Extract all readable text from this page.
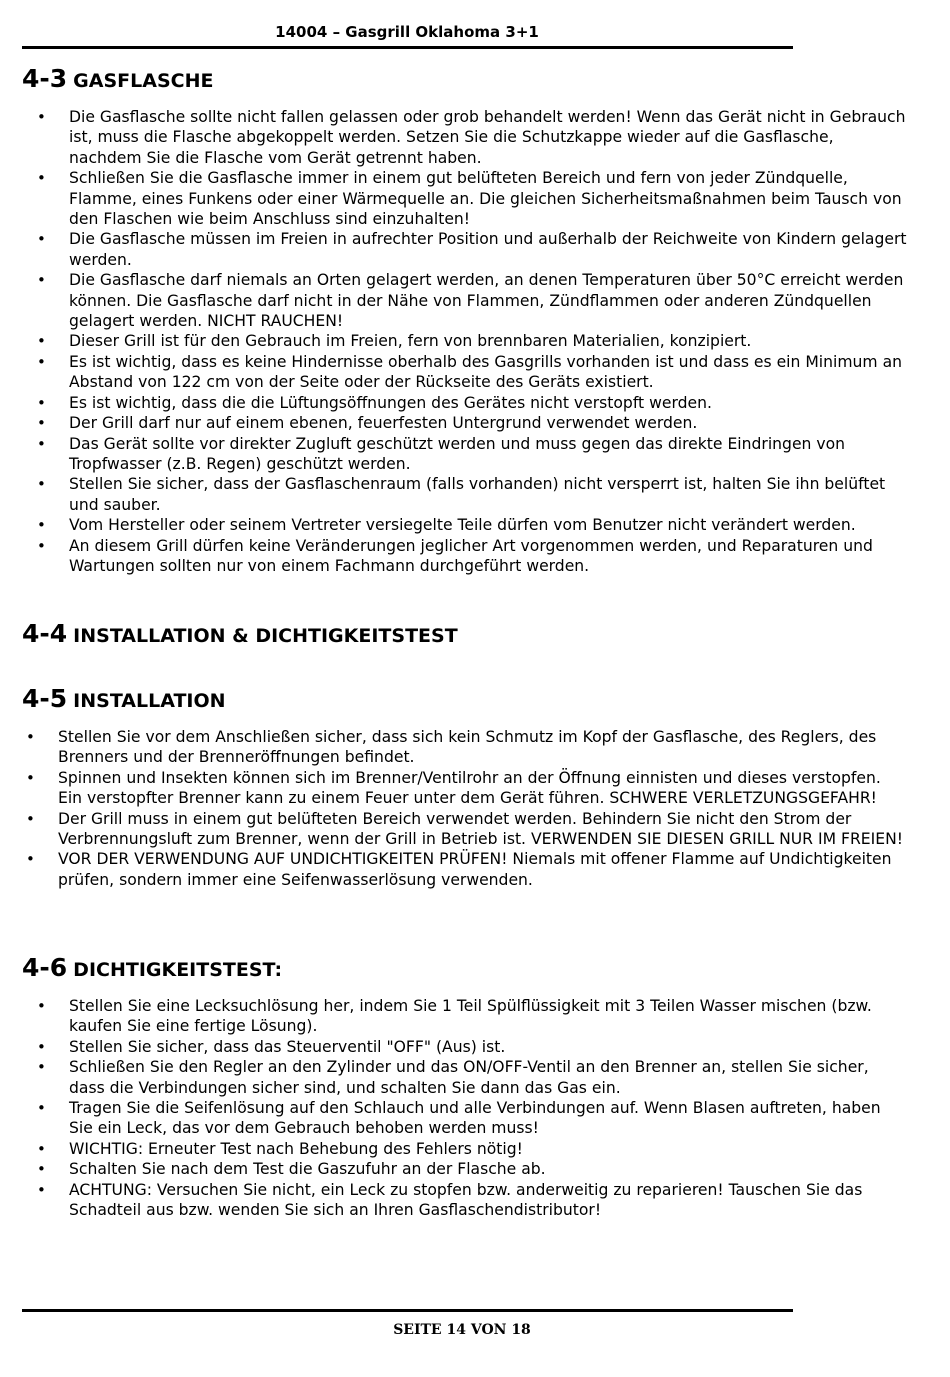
14004 – Gasgrill Oklahoma 3+1
4-3 GASFLASCHE
• Die Gasflasche sollte nicht fallen gelassen oder grob behandelt werden! Wenn das Gerät nicht in Gebrauch ist, muss die Flasche abgekoppelt werden. Setzen Sie die Schutzkappe wieder auf die Gasflasche, nachdem Sie die Flasche vom Gerät getrennt haben.
• Schließen Sie die Gasflasche immer in einem gut belüfteten Bereich und fern von jeder Zündquelle, Flamme, eines Funkens oder einer Wärmequelle an. Die gleichen Sicherheitsmaßnahmen beim Tausch von den Flaschen wie beim Anschluss sind einzuhalten!
• Die Gasflasche müssen im Freien in aufrechter Position und außerhalb der Reichweite von Kindern gelagert werden.
• Die Gasflasche darf niemals an Orten gelagert werden, an denen Temperaturen über 50°C erreicht werden können. Die Gasflasche darf nicht in der Nähe von Flammen, Zündflammen oder anderen Zündquellen gelagert werden. NICHT RAUCHEN!
• Dieser Grill ist für den Gebrauch im Freien, fern von brennbaren Materialien, konzipiert.
• Es ist wichtig, dass es keine Hindernisse oberhalb des Gasgrills vorhanden ist und dass es ein Minimum an Abstand von 122 cm von der Seite oder der Rückseite des Geräts existiert.
• Es ist wichtig, dass die die Lüftungsöffnungen des Gerätes nicht verstopft werden.
• Der Grill darf nur auf einem ebenen, feuerfesten Untergrund verwendet werden.
• Das Gerät sollte vor direkter Zugluft geschützt werden und muss gegen das direkte Eindringen von Tropfwasser (z.B. Regen) geschützt werden.
• Stellen Sie sicher, dass der Gasflaschenraum (falls vorhanden) nicht versperrt ist, halten Sie ihn belüftet und sauber.
• Vom Hersteller oder seinem Vertreter versiegelte Teile dürfen vom Benutzer nicht verändert werden.
• An diesem Grill dürfen keine Veränderungen jeglicher Art vorgenommen werden, und Reparaturen und Wartungen sollten nur von einem Fachmann durchgeführt werden.
4-4 INSTALLATION & DICHTIGKEITSTEST
4-5 INSTALLATION
• Stellen Sie vor dem Anschließen sicher, dass sich kein Schmutz im Kopf der Gasflasche, des Reglers, des Brenners und der Brenneröffnungen befindet.
• Spinnen und Insekten können sich im Brenner/Ventilrohr an der Öffnung einnisten und dieses verstopfen. Ein verstopfter Brenner kann zu einem Feuer unter dem Gerät führen. SCHWERE VERLETZUNGSGEFAHR!
• Der Grill muss in einem gut belüfteten Bereich verwendet werden. Behindern Sie nicht den Strom der Verbrennungsluft zum Brenner, wenn der Grill in Betrieb ist. VERWENDEN SIE DIESEN GRILL NUR IM FREIEN!
• VOR DER VERWENDUNG AUF UNDICHTIGKEITEN PRÜFEN! Niemals mit offener Flamme auf Undichtigkeiten prüfen, sondern immer eine Seifenwasserlösung verwenden.
4-6 DICHTIGKEITSTEST:
• Stellen Sie eine Lecksuchlösung her, indem Sie 1 Teil Spülflüssigkeit mit 3 Teilen Wasser mischen (bzw. kaufen Sie eine fertige Lösung).
• Stellen Sie sicher, dass das Steuerventil "OFF" (Aus) ist.
• Schließen Sie den Regler an den Zylinder und das ON/OFF-Ventil an den Brenner an, stellen Sie sicher, dass die Verbindungen sicher sind, und schalten Sie dann das Gas ein.
• Tragen Sie die Seifenlösung auf den Schlauch und alle Verbindungen auf. Wenn Blasen auftreten, haben Sie ein Leck, das vor dem Gebrauch behoben werden muss!
• WICHTIG: Erneuter Test nach Behebung des Fehlers nötig!
• Schalten Sie nach dem Test die Gaszufuhr an der Flasche ab.
• ACHTUNG: Versuchen Sie nicht, ein Leck zu stopfen bzw. anderweitig zu reparieren! Tauschen Sie das Schadteil aus bzw. wenden Sie sich an Ihren Gasflaschendistributor!
SEITE 14 VON 18
